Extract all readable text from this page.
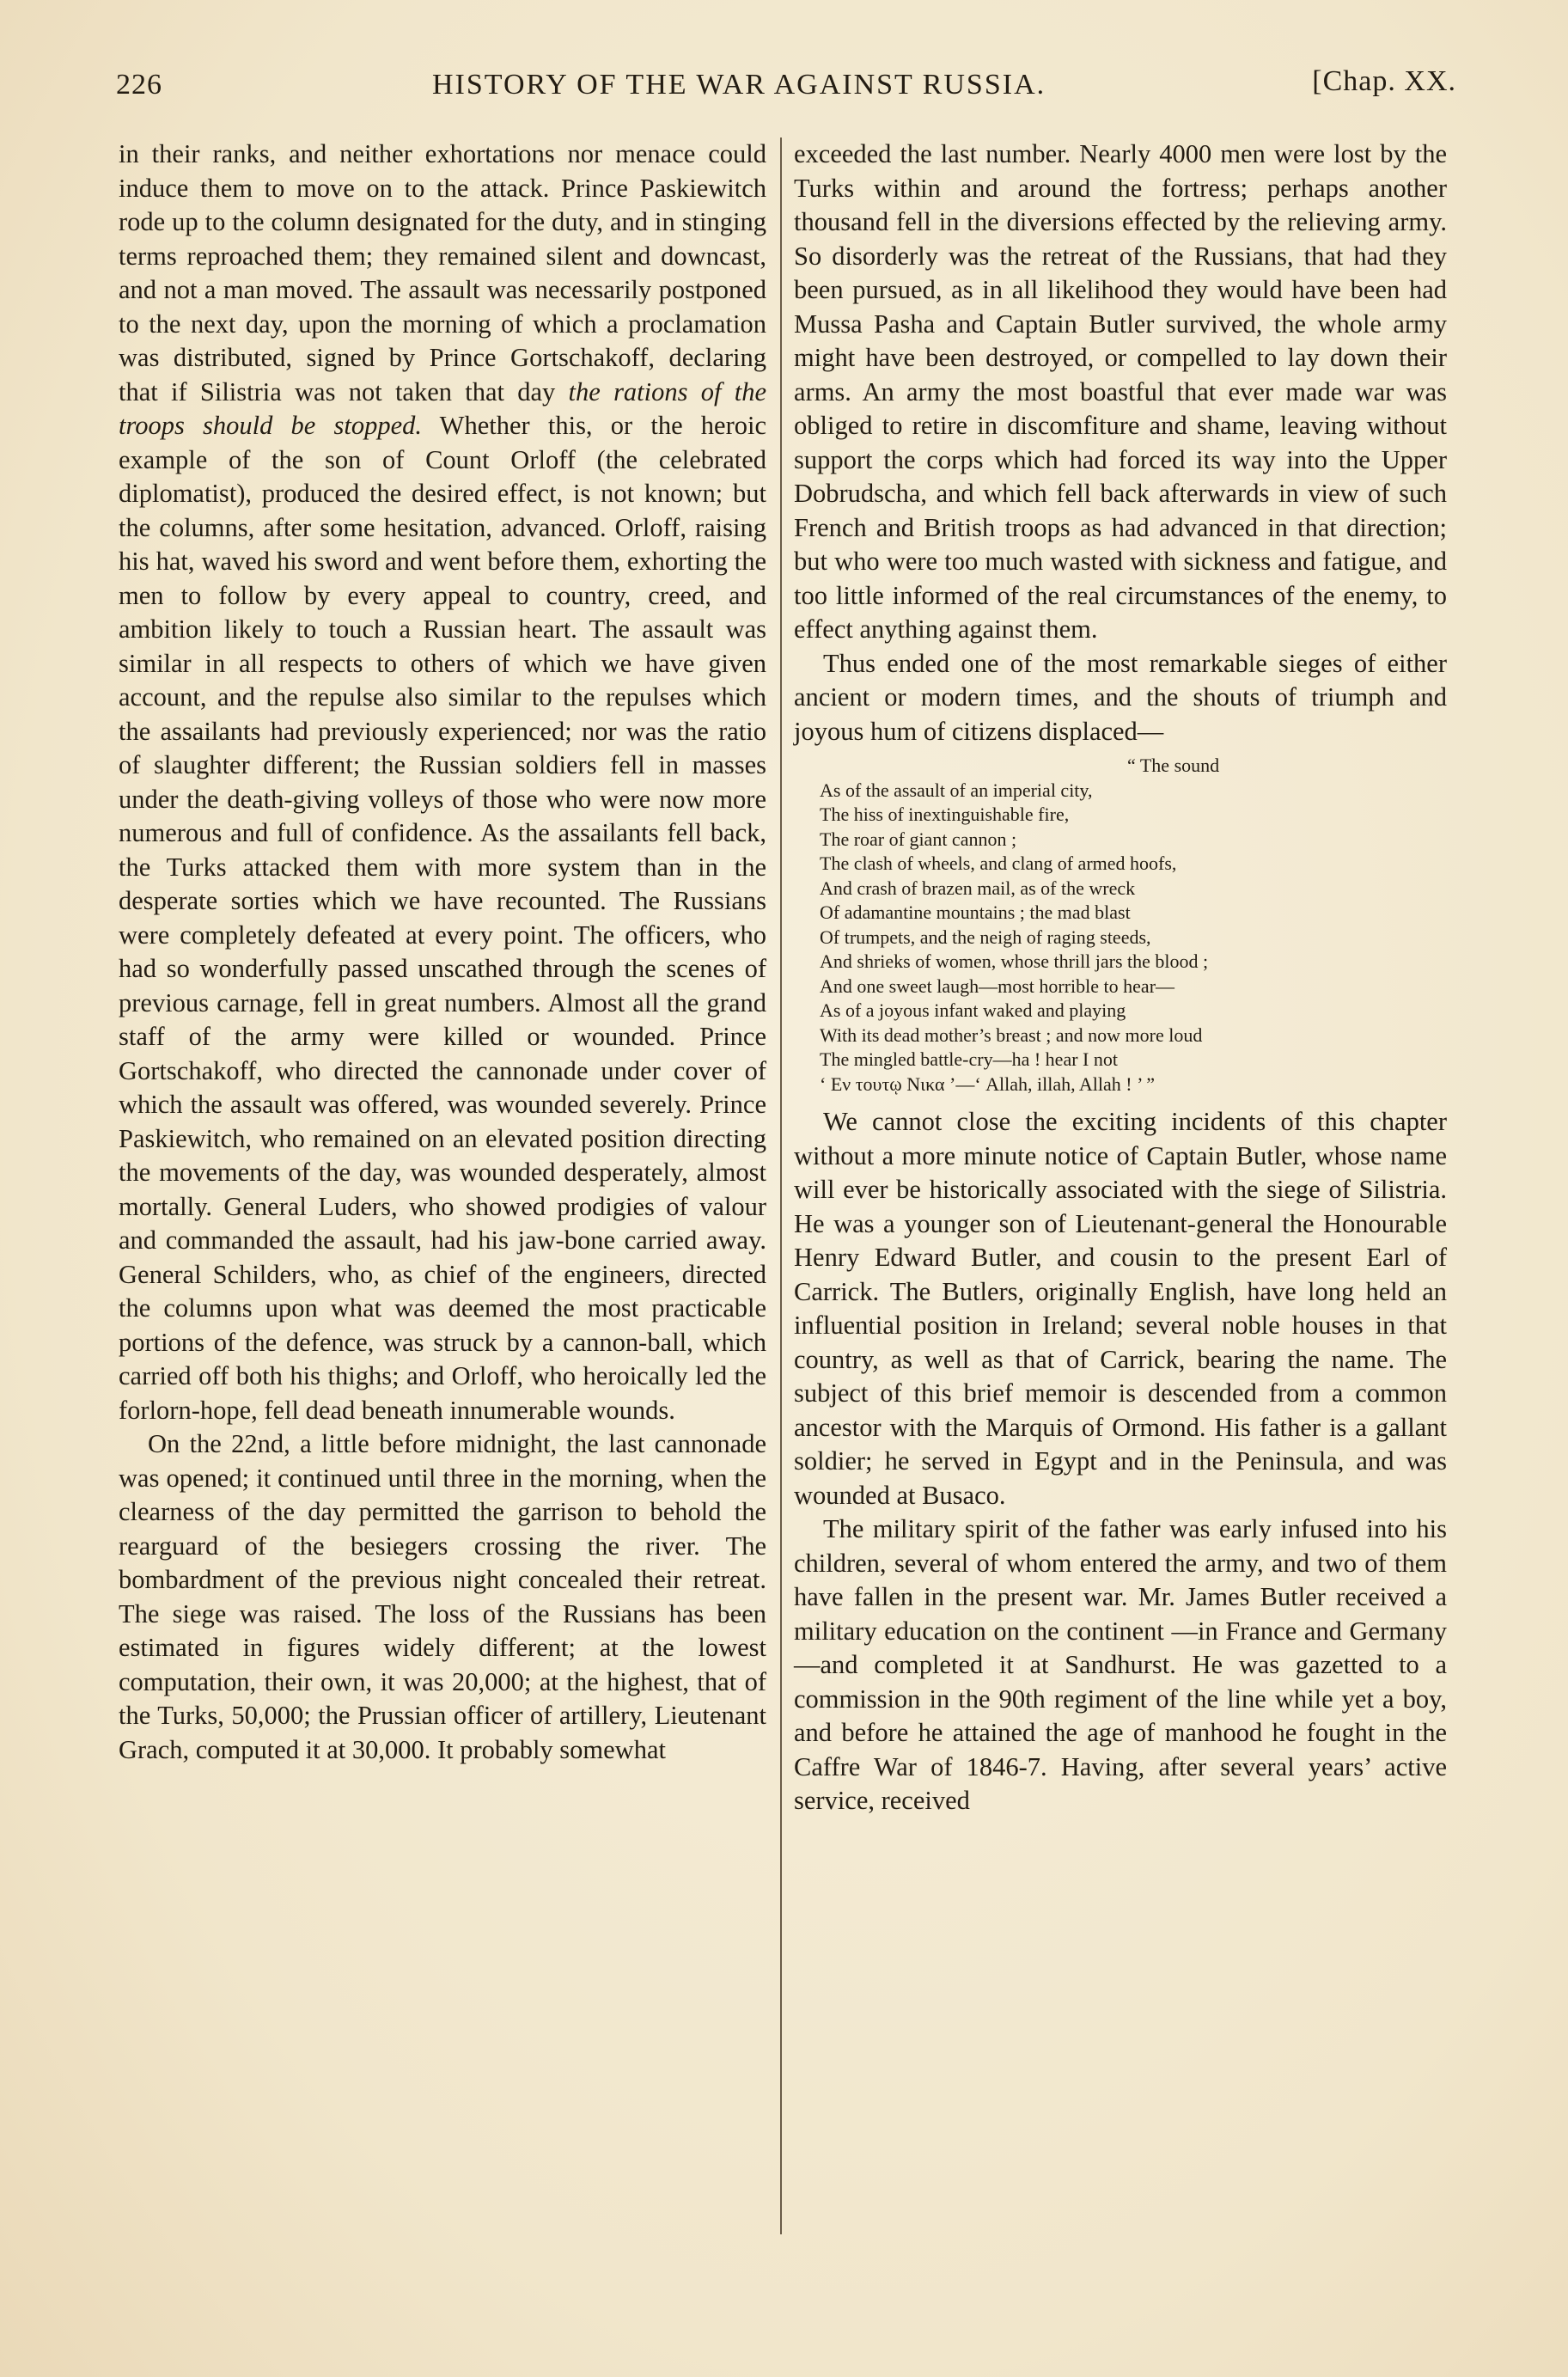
226	HISTORY OF THE WAR AGAINST RUSSIA.	[Chap. XX.

in their ranks, and neither exhortations nor menace could induce them to move on to the attack. Prince Paskiewitch rode up to the column designated for the duty, and in stinging terms reproached them; they remained silent and downcast, and not a man moved. The assault was necessarily postponed to the next day, upon the morning of which a proclamation was distributed, signed by Prince Gortschakoff, declaring that if Silistria was not taken that day the rations of the troops should be stopped. Whether this, or the heroic example of the son of Count Orloff (the celebrated diplomatist), produced the desired effect, is not known; but the columns, after some hesitation, advanced. Orloff, raising his hat, waved his sword and went before them, exhorting the men to follow by every appeal to country, creed, and ambition likely to touch a Russian heart. The assault was similar in all respects to others of which we have given account, and the repulse also similar to the repulses which the assailants had previously experienced; nor was the ratio of slaughter different; the Russian soldiers fell in masses under the death-giving volleys of those who were now more numerous and full of confidence. As the assailants fell back, the Turks attacked them with more system than in the desperate sorties which we have recounted. The Russians were completely defeated at every point. The officers, who had so wonderfully passed unscathed through the scenes of previous carnage, fell in great numbers. Almost all the grand staff of the army were killed or wounded. Prince Gortschakoff, who directed the cannonade under cover of which the assault was offered, was wounded severely. Prince Paskiewitch, who remained on an elevated position directing the movements of the day, was wounded desperately, almost mortally. General Luders, who showed prodigies of valour and commanded the assault, had his jaw-bone carried away. General Schilders, who, as chief of the engineers, directed the columns upon what was deemed the most practicable portions of the defence, was struck by a cannon-ball, which carried off both his thighs; and Orloff, who heroically led the forlorn-hope, fell dead beneath innumerable wounds.

On the 22nd, a little before midnight, the last cannonade was opened; it continued until three in the morning, when the clearness of the day permitted the garrison to behold the rearguard of the besiegers crossing the river. The bombardment of the previous night concealed their retreat. The siege was raised. The loss of the Russians has been estimated in figures widely different; at the lowest computation, their own, it was 20,000; at the highest, that of the Turks, 50,000; the Prussian officer of artillery, Lieutenant Grach, computed it at 30,000. It probably somewhat

exceeded the last number. Nearly 4000 men were lost by the Turks within and around the fortress; perhaps another thousand fell in the diversions effected by the relieving army. So disorderly was the retreat of the Russians, that had they been pursued, as in all likelihood they would have been had Mussa Pasha and Captain Butler survived, the whole army might have been destroyed, or compelled to lay down their arms. An army the most boastful that ever made war was obliged to retire in discomfiture and shame, leaving without support the corps which had forced its way into the Upper Dobrudscha, and which fell back afterwards in view of such French and British troops as had advanced in that direction; but who were too much wasted with sickness and fatigue, and too little informed of the real circumstances of the enemy, to effect anything against them.

Thus ended one of the most remarkable sieges of either ancient or modern times, and the shouts of triumph and joyous hum of citizens displaced—

“ The sound
As of the assault of an imperial city,
The hiss of inextinguishable fire,
The roar of giant cannon ;
The clash of wheels, and clang of armed hoofs,
And crash of brazen mail, as of the wreck
Of adamantine mountains ; the mad blast
Of trumpets, and the neigh of raging steeds,
And shrieks of women, whose thrill jars the blood ;
And one sweet laugh—most horrible to hear—
As of a joyous infant waked and playing
With its dead mother’s breast ; and now more loud
The mingled battle-cry—ha ! hear I not
‘ Εν τουτῳ Νικα ’—‘ Allah, illah, Allah ! ’ ”

We cannot close the exciting incidents of this chapter without a more minute notice of Captain Butler, whose name will ever be historically associated with the siege of Silistria. He was a younger son of Lieutenant-general the Honourable Henry Edward Butler, and cousin to the present Earl of Carrick. The Butlers, originally English, have long held an influential position in Ireland; several noble houses in that country, as well as that of Carrick, bearing the name. The subject of this brief memoir is descended from a common ancestor with the Marquis of Ormond. His father is a gallant soldier; he served in Egypt and in the Peninsula, and was wounded at Busaco.

The military spirit of the father was early infused into his children, several of whom entered the army, and two of them have fallen in the present war. Mr. James Butler received a military education on the continent —in France and Germany—and completed it at Sandhurst. He was gazetted to a commission in the 90th regiment of the line while yet a boy, and before he attained the age of manhood he fought in the Caffre War of 1846-7. Having, after several years’ active service, received
